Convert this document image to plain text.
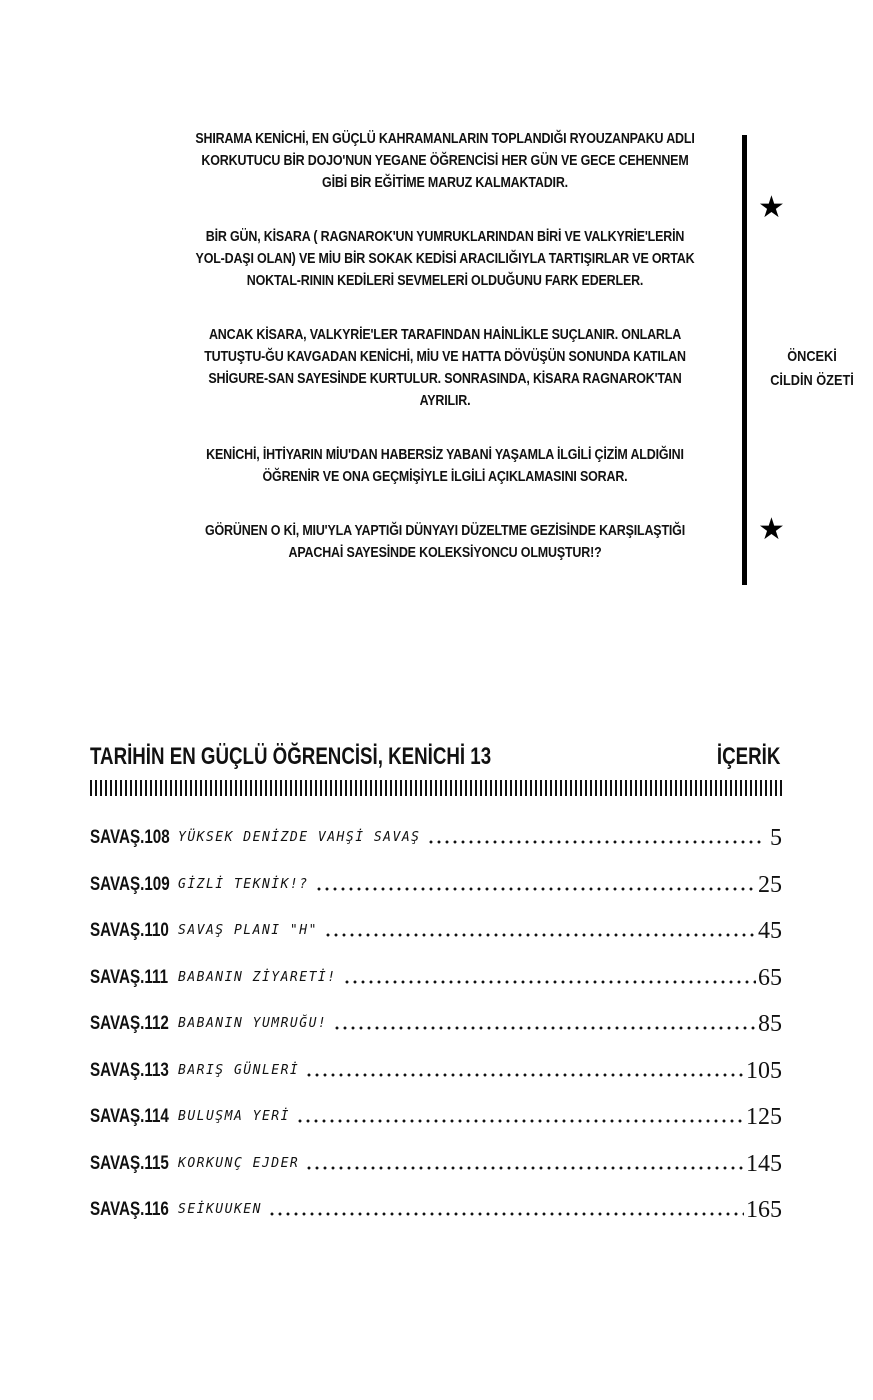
SHIRAMA KENİCHİ, EN GÜÇLÜ KAHRAMANLARIN TOPLANDIĞI RYOUZANPAKU ADLI KORKUTUCU BİR DOJO'NUN YEGANE ÖĞRENCİSİ HER GÜN VE GECE CEHENNEM GİBİ BİR EĞİTİME MARUZ KALMAKTADIR.

BİR GÜN, KİSARA ( RAGNAROK'UN YUMRUKLARINDAN BİRİ VE VALKYRİE'LERİN YOL-DAŞI OLAN) VE MİU BİR SOKAK KEDİSİ ARACILIĞIYLA TARTIŞIRLAR VE ORTAK NOKTAL-RININ KEDİLERİ SEVMELERİ OLDUĞUNU FARK EDERLER.

ANCAK KİSARA, VALKYRİE'LER TARAFINDAN HAİNLİKLE SUÇLANIR. ONLARLA TUTUŞTU-ĞU KAVGADAN KENİCHİ, MİU VE HATTA DÖVÜŞÜN SONUNDA KATILAN SHİGURE-SAN SAYESİNDE KURTULUR. SONRASINDA, KİSARA RAGNAROK'TAN AYRILIR.

KENİCHİ, İHTİYARIN MİU'DAN HABERSİZ YABANİ YAŞAMLA İLGİLİ ÇİZİM ALDIĞINI ÖĞRENİR VE ONA GEÇMİŞİYLE İLGİLİ AÇIKLAMASINI SORAR.

GÖRÜNEN O Kİ, MIU'YLA YAPTIĞI DÜNYAYI DÜZELTME GEZİSİNDE KARŞILAŞTIĞI APACHAİ SAYESİNDE KOLEKSİYONCU OLMUŞTUR!?

★
★
ÖNCEKİ
CİLDİN ÖZETİ
TARİHİN EN GÜÇLÜ ÖĞRENCİSİ, KENİCHİ 13	İÇERİK
SAVAŞ.108 YÜKSEK DENİZDE VAHŞİ SAVAŞ	5
SAVAŞ.109 GİZLİ TEKNİK!?	25
SAVAŞ.110 SAVAŞ PLANI "H"	45
SAVAŞ.111 BABANIN ZİYARETİ!	65
SAVAŞ.112 BABANIN YUMRUĞU!	85
SAVAŞ.113 BARIŞ GÜNLERİ	105
SAVAŞ.114 BULUŞMA YERİ	125
SAVAŞ.115 KORKUNÇ EJDER	145
SAVAŞ.116 SEİKUUKEN	165
